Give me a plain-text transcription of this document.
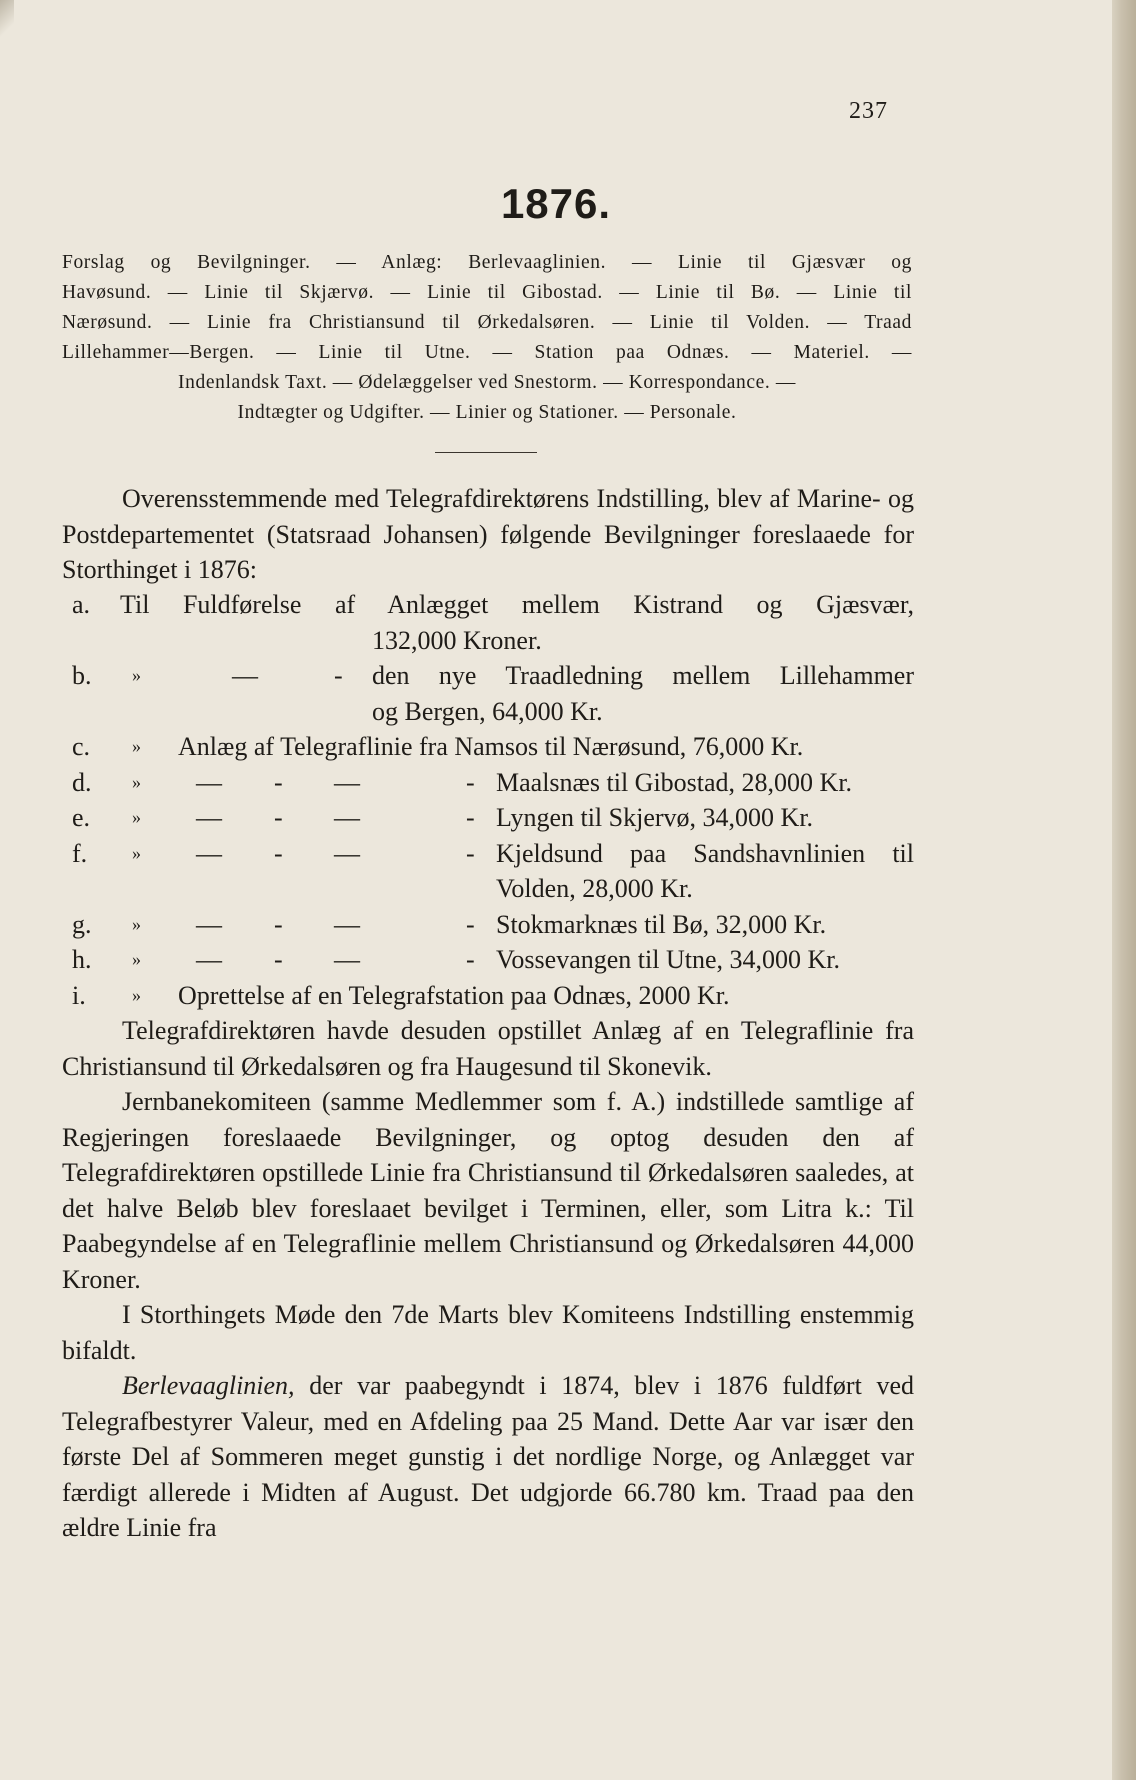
237
1876.
Forslag og Bevilgninger. — Anlæg: Berlevaaglinien. — Linie til Gjæsvær og
Havøsund. — Linie til Skjærvø. — Linie til Gibostad. — Linie til Bø. — Linie til
Nærøsund. — Linie fra Christiansund til Ørkedalsøren. — Linie til Volden. — Traad
Lillehammer—Bergen. — Linie til Utne. — Station paa Odnæs. — Materiel. —
Indenlandsk Taxt. — Ødelæggelser ved Snestorm. — Korrespondance. —
Indtægter og Udgifter. — Linier og Stationer. — Personale.

Overensstemmende med Telegrafdirektørens Indstilling, blev af Marine- og Postdepartementet (Statsraad Johansen) følgende Bevilgninger foreslaaede for Storthinget i 1876:

a. Til Fuldførelse af Anlægget mellem Kistrand og Gjæsvær,
132,000 Kroner.
b. »	—	- den nye Traadledning mellem Lillehammer
og Bergen, 64,000 Kr.
c. » Anlæg af Telegraflinie fra Namsos til Nærøsund, 76,000 Kr.
d. » — - —	- Maalsnæs til Gibostad, 28,000 Kr.
e. » — - —	- Lyngen til Skjervø, 34,000 Kr.
f. » — - —	- Kjeldsund paa Sandshavnlinien til
Volden, 28,000 Kr.
g. » — - —	- Stokmarknæs til Bø, 32,000 Kr.
h. » — - —	- Vossevangen til Utne, 34,000 Kr.
i.	» Oprettelse af en Telegrafstation paa Odnæs, 2000 Kr.

Telegrafdirektøren havde desuden opstillet Anlæg af en Telegraflinie fra Christiansund til Ørkedalsøren og fra Haugesund til Skonevik.

Jernbanekomiteen (samme Medlemmer som f. A.) indstillede samtlige af Regjeringen foreslaaede Bevilgninger, og optog desuden den af Telegrafdirektøren opstillede Linie fra Christiansund til Ørkedalsøren saaledes, at det halve Beløb blev foreslaaet bevilget i Terminen, eller, som Litra k.: Til Paabegyndelse af en Telegraflinie mellem Christiansund og Ørkedalsøren 44,000 Kroner.

I Storthingets Møde den 7de Marts blev Komiteens Indstilling enstemmig bifaldt.

Berlevaaglinien, der var paabegyndt i 1874, blev i 1876 fuldført ved Telegrafbestyrer Valeur, med en Afdeling paa 25 Mand. Dette Aar var især den første Del af Sommeren meget gunstig i det nordlige Norge, og Anlægget var færdigt allerede i Midten af August. Det udgjorde 66.780 km. Traad paa den ældre Linie fra
